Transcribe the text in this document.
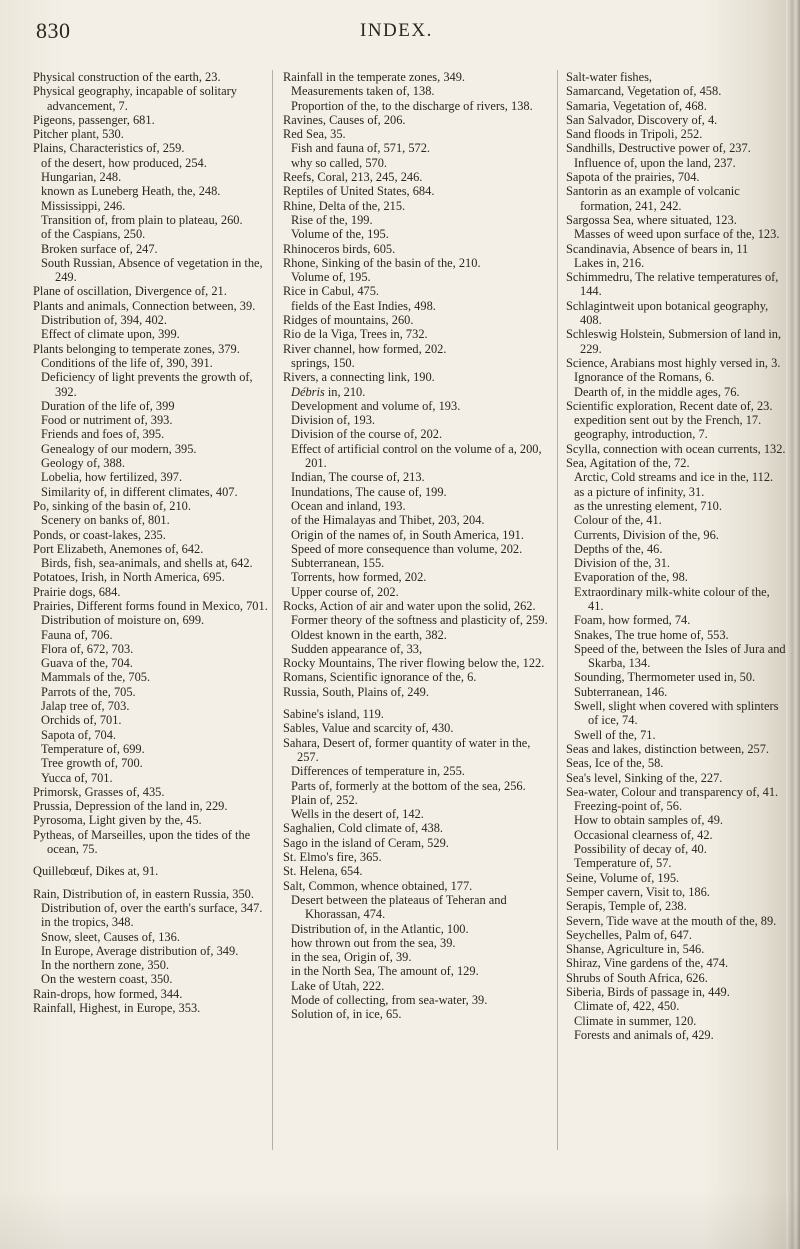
830	INDEX.

Physical construction of the earth, 23.

Physical geography, incapable of solitary advancement, 7.

Pigeons, passenger, 681.

Pitcher plant, 530.

Plains, Characteristics of, 259.

of the desert, how produced, 254.

Hungarian, 248.

known as Luneberg Heath, the, 248.

Mississippi, 246.

Transition of, from plain to plateau, 260.

of the Caspians, 250.

Broken surface of, 247.

South Russian, Absence of vegetation in the, 249.

Plane of oscillation, Divergence of, 21.

Plants and animals, Connection between, 39.

Distribution of, 394, 402.

Effect of climate upon, 399.

Plants belonging to temperate zones, 379.

Conditions of the life of, 390, 391.

Deficiency of light prevents the growth of, 392.

Duration of the life of, 399

Food or nutriment of, 393.

Friends and foes of, 395.

Genealogy of our modern, 395.

Geology of, 388.

Lobelia, how fertilized, 397.

Similarity of, in different climates, 407.

Po, sinking of the basin of, 210.

Scenery on banks of, 801.

Ponds, or coast-lakes, 235.

Port Elizabeth, Anemones of, 642.

Birds, fish, sea-animals, and shells at, 642.

Potatoes, Irish, in North America, 695.

Prairie dogs, 684.

Prairies, Different forms found in Mexico, 701.

Distribution of moisture on, 699.

Fauna of, 706.

Flora of, 672, 703.

Guava of the, 704.

Mammals of the, 705.

Parrots of the, 705.

Jalap tree of, 703.

Orchids of, 701.

Sapota of, 704.

Temperature of, 699.

Tree growth of, 700.

Yucca of, 701.

Primorsk, Grasses of, 435.

Prussia, Depression of the land in, 229.

Pyrosoma, Light given by the, 45.

Pytheas, of Marseilles, upon the tides of the ocean, 75.

Quillebœuf, Dikes at, 91.

Rain, Distribution of, in eastern Russia, 350.

Distribution of, over the earth's surface, 347.

in the tropics, 348.

Snow, sleet, Causes of, 136.

In Europe, Average distribution of, 349.

In the northern zone, 350.

On the western coast, 350.

Rain-drops, how formed, 344.

Rainfall, Highest, in Europe, 353.

Rainfall in the temperate zones, 349.

Measurements taken of, 138.

Proportion of the, to the discharge of rivers, 138.

Ravines, Causes of, 206.

Red Sea, 35.

Fish and fauna of, 571, 572.

why so called, 570.

Reefs, Coral, 213, 245, 246.

Reptiles of United States, 684.

Rhine, Delta of the, 215.

Rise of the, 199.

Volume of the, 195.

Rhinoceros birds, 605.

Rhone, Sinking of the basin of the, 210.

Volume of, 195.

Rice in Cabul, 475.

fields of the East Indies, 498.

Ridges of mountains, 260.

Rio de la Viga, Trees in, 732.

River channel, how formed, 202.

springs, 150.

Rivers, a connecting link, 190.

Débris in, 210.

Development and volume of, 193.

Division of, 193.

Division of the course of, 202.

Effect of artificial control on the volume of a, 200, 201.

Indian, The course of, 213.

Inundations, The cause of, 199.

Ocean and inland, 193.

of the Himalayas and Thibet, 203, 204.

Origin of the names of, in South America, 191.

Speed of more consequence than volume, 202.

Subterranean, 155.

Torrents, how formed, 202.

Upper course of, 202.

Rocks, Action of air and water upon the solid, 262.

Former theory of the softness and plasticity of, 259.

Oldest known in the earth, 382.

Sudden appearance of, 33,

Rocky Mountains, The river flowing below the, 122.

Romans, Scientific ignorance of the, 6.

Russia, South, Plains of, 249.

Sabine's island, 119.

Sables, Value and scarcity of, 430.

Sahara, Desert of, former quantity of water in the, 257.

Differences of temperature in, 255.

Parts of, formerly at the bottom of the sea, 256.

Plain of, 252.

Wells in the desert of, 142.

Saghalien, Cold climate of, 438.

Sago in the island of Ceram, 529.

St. Elmo's fire, 365.

St. Helena, 654.

Salt, Common, whence obtained, 177.

Desert between the plateaus of Teheran and Khorassan, 474.

Distribution of, in the Atlantic, 100.

how thrown out from the sea, 39.

in the sea, Origin of, 39.

in the North Sea, The amount of, 129.

Lake of Utah, 222.

Mode of collecting, from sea-water, 39.

Solution of, in ice, 65.

Salt-water fishes,

Samarcand, Vegetation of, 458.

Samaria, Vegetation of, 468.

San Salvador, Discovery of, 4.

Sand floods in Tripoli, 252.

Sandhills, Destructive power of, 237.

Influence of, upon the land, 237.

Sapota of the prairies, 704.

Santorin as an example of volcanic formation, 241, 242.

Sargossa Sea, where situated, 123.

Masses of weed upon surface of the, 123.

Scandinavia, Absence of bears in, 11

Lakes in, 216.

Schimmedru, The relative temperatures of, 144.

Schlagintweit upon botanical geography, 408.

Schleswig Holstein, Submersion of land in, 229.

Science, Arabians most highly versed in, 3.

Ignorance of the Romans, 6.

Dearth of, in the middle ages, 76.

Scientific exploration, Recent date of, 23.

expedition sent out by the French, 17.

geography, introduction, 7.

Scylla, connection with ocean currents, 132.

Sea, Agitation of the, 72.

Arctic, Cold streams and ice in the, 112.

as a picture of infinity, 31.

as the unresting element, 710.

Colour of the, 41.

Currents, Division of the, 96.

Depths of the, 46.

Division of the, 31.

Evaporation of the, 98.

Extraordinary milk-white colour of the, 41.

Foam, how formed, 74.

Snakes, The true home of, 553.

Speed of the, between the Isles of Jura and Skarba, 134.

Sounding, Thermometer used in, 50.

Subterranean, 146.

Swell, slight when covered with splinters of ice, 74.

Swell of the, 71.

Seas and lakes, distinction between, 257.

Seas, Ice of the, 58.

Sea's level, Sinking of the, 227.

Sea-water, Colour and transparency of, 41.

Freezing-point of, 56.

How to obtain samples of, 49.

Occasional clearness of, 42.

Possibility of decay of, 40.

Temperature of, 57.

Seine, Volume of, 195.

Semper cavern, Visit to, 186.

Serapis, Temple of, 238.

Severn, Tide wave at the mouth of the, 89.

Seychelles, Palm of, 647.

Shanse, Agriculture in, 546.

Shiraz, Vine gardens of the, 474.

Shrubs of South Africa, 626.

Siberia, Birds of passage in, 449.

Climate of, 422, 450.

Climate in summer, 120.

Forests and animals of, 429.
